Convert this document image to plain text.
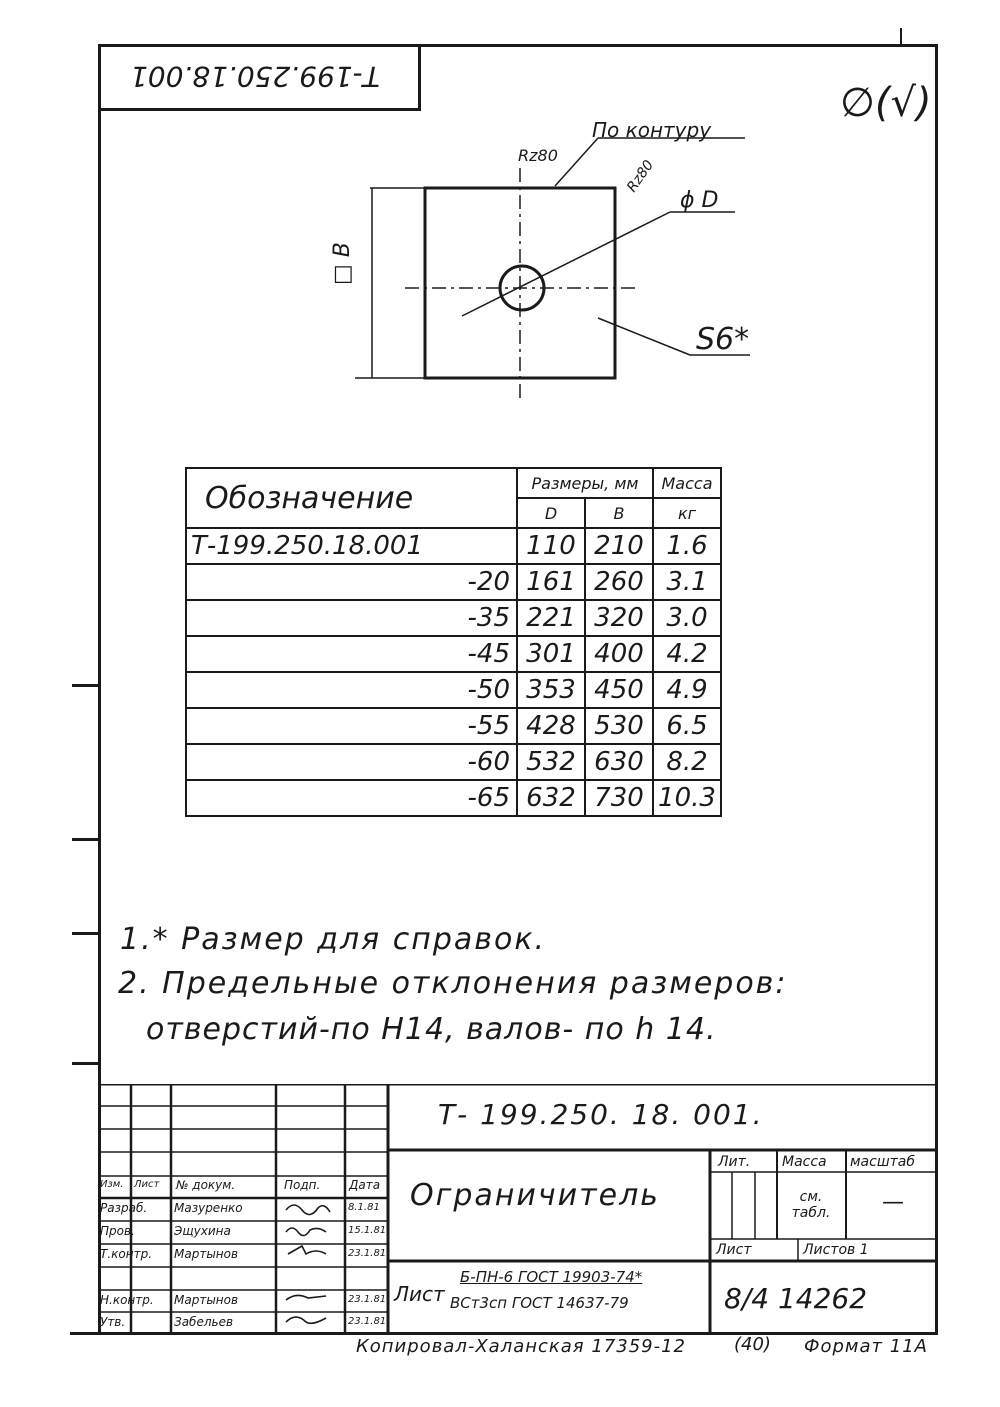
Т-199.250.18.001
∅(√)
По контуру
Rz80
Rz80
ϕ D
□ В
S6*
Обозначение	Размеры, мм		Масса
	D	В	кг
Т-199.250.18.001	110	210	1.6
-20	161	260	3.1
-35	221	320	3.0
-45	301	400	4.2
-50	353	450	4.9
-55	428	530	6.5
-60	532	630	8.2
-65	632	730	10.3
1.* Размер для справок.
2. Предельные отклонения размеров:
отверстий-по Н14, валов- по h 14.
Т- 199.250. 18. 001.
Ограничитель
Лит. Масса масштаб
см. табл.	—
Лист	Листов 1
Лист
Б-ПН-6 ГОСТ 19903-74*
ВСт3сп ГОСТ 14637-79	8/4 14262
Изм. Лист № докум.	Подп. Дата
Разраб. Мазуренко	8.1.81
Пров.	Эщухина	15.1.81
Т.контр. Мартынов	23.1.81
Н.контр. Мартынов	23.1.81
Утв.	Забельев	23.1.81
Копировал-Халанская 17359-12	(40) Формат 11А
